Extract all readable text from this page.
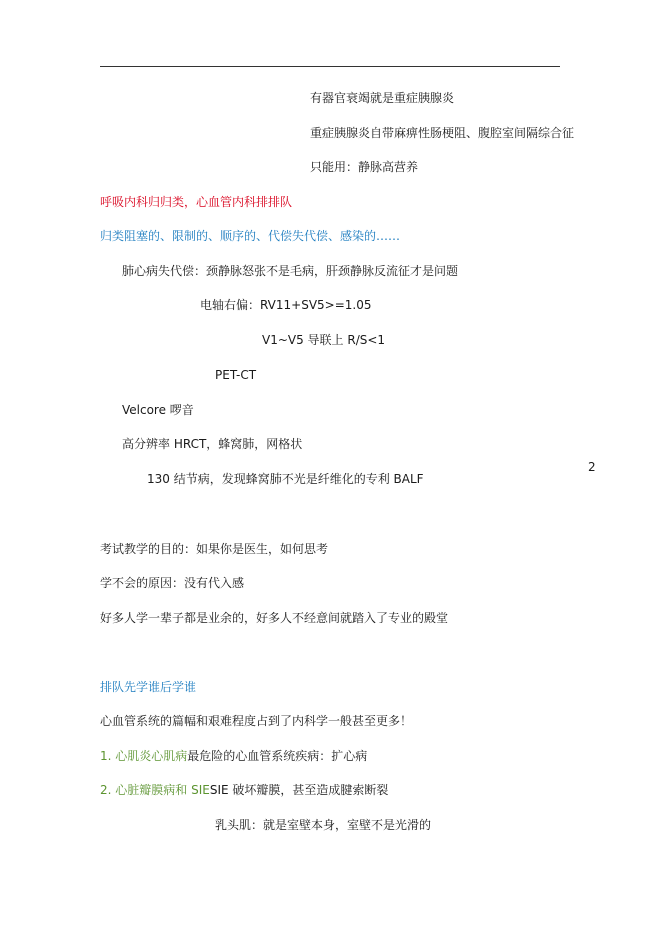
有器官衰竭就是重症胰腺炎
重症胰腺炎自带麻痹性肠梗阻、腹腔室间隔综合征
只能用：静脉高营养
呼吸内科归归类，心血管内科排排队
归类阻塞的、限制的、顺序的、代偿失代偿、感染的……
肺心病失代偿：颈静脉怒张不是毛病，肝颈静脉反流征才是问题
电轴右偏：RV11+SV5>=1.05
V1~V5 导联上 R/S<1
PET-CT
Velcore 啰音
高分辨率 HRCT，蜂窝肺，网格状
130 结节病，发现蜂窝肺不光是纤维化的专利 BALF
2
考试教学的目的：如果你是医生，如何思考
学不会的原因：没有代入感
好多人学一辈子都是业余的，好多人不经意间就踏入了专业的殿堂
排队先学谁后学谁
心血管系统的篇幅和艰难程度占到了内科学一般甚至更多！
1. 心肌炎心肌病最危险的心血管系统疾病：扩心病
2. 心脏瓣膜病和 SIESIE 破坏瓣膜，甚至造成腱索断裂
乳头肌：就是室壁本身，室壁不是光滑的
